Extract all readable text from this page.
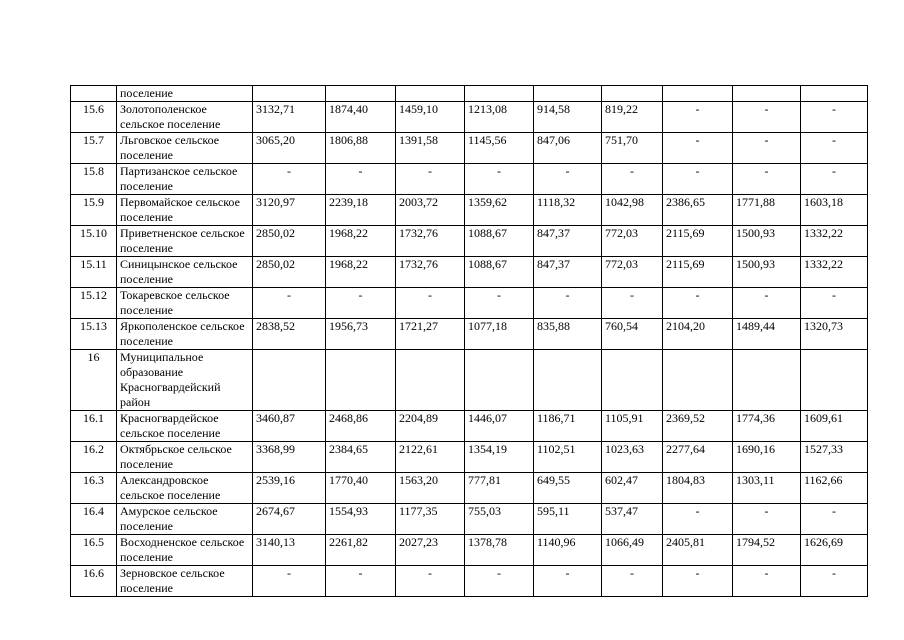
	поселение									
15.6	Золотополенское сельское поселение	3132,71	1874,40	1459,10	1213,08	914,58	819,22	-	-	-
15.7	Льговское сельское поселение	3065,20	1806,88	1391,58	1145,56	847,06	751,70	-	-	-
15.8	Партизанское сельское поселение	-	-	-	-	-	-	-	-	-
15.9	Первомайское сельское поселение	3120,97	2239,18	2003,72	1359,62	1118,32	1042,98	2386,65	1771,88	1603,18
15.10	Приветненское сельское поселение	2850,02	1968,22	1732,76	1088,67	847,37	772,03	2115,69	1500,93	1332,22
15.11	Синицынское сельское поселение	2850,02	1968,22	1732,76	1088,67	847,37	772,03	2115,69	1500,93	1332,22
15.12	Токаревское сельское поселение	-	-	-	-	-	-	-	-	-
15.13	Яркополенское сельское поселение	2838,52	1956,73	1721,27	1077,18	835,88	760,54	2104,20	1489,44	1320,73
16	Муниципальное образование Красногвардейский район									
16.1	Красногвардейское сельское поселение	3460,87	2468,86	2204,89	1446,07	1186,71	1105,91	2369,52	1774,36	1609,61
16.2	Октябрьское сельское поселение	3368,99	2384,65	2122,61	1354,19	1102,51	1023,63	2277,64	1690,16	1527,33
16.3	Александровское сельское поселение	2539,16	1770,40	1563,20	777,81	649,55	602,47	1804,83	1303,11	1162,66
16.4	Амурское сельское поселение	2674,67	1554,93	1177,35	755,03	595,11	537,47	-	-	-
16.5	Восходненское сельское поселение	3140,13	2261,82	2027,23	1378,78	1140,96	1066,49	2405,81	1794,52	1626,69
16.6	Зерновское сельское поселение	-	-	-	-	-	-	-	-	-
